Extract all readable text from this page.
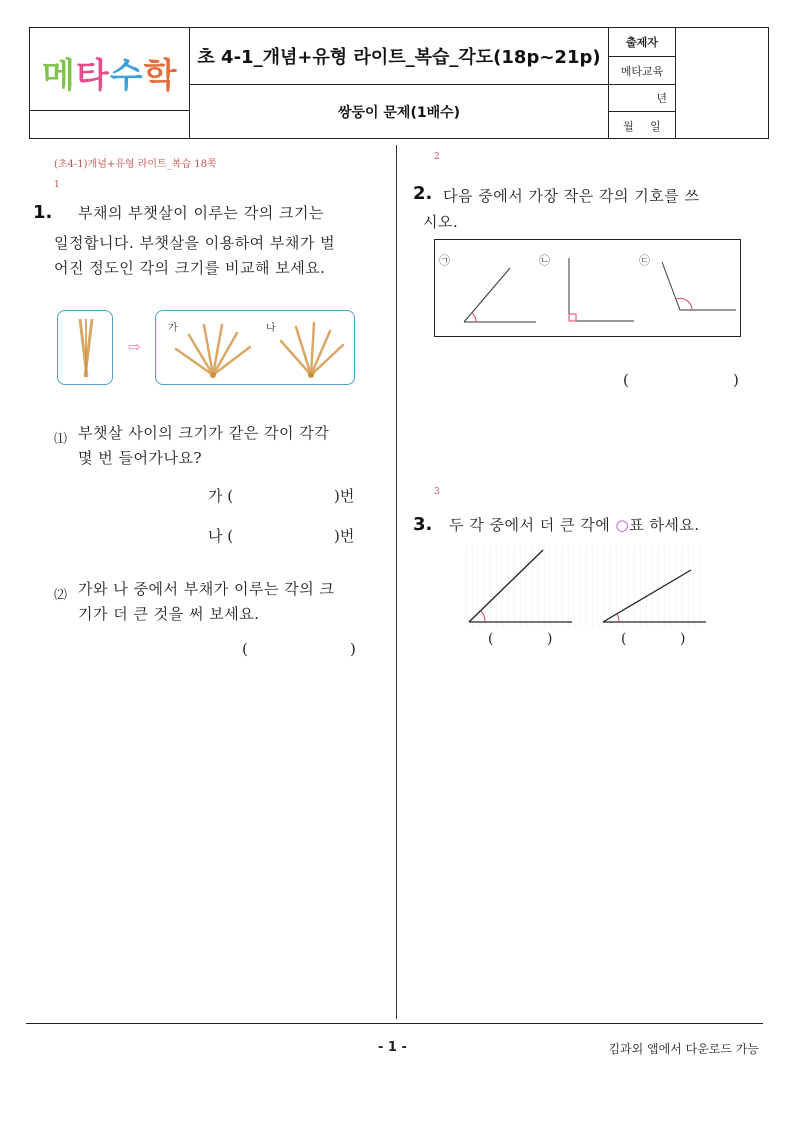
메타수학 초 4-1_개념+유형 라이트_복습_각도(18p~21p)
쌍둥이 문제(1배수)
출제자
메타교육
년
월 일
(초4-1)개념+유형 라이트_복습 18쪽
1
1. 부채의 부챗살이 이루는 각의 크기는
일정합니다. 부챗살을 이용하여 부채가 벌
어진 정도인 각의 크기를 비교해 보세요.
⇨
가	나
⑴ 부챗살 사이의 크기가 같은 각이 각각
몇 번 들어가나요?
가 (	)번
나 (	)번
⑵ 가와 나 중에서 부채가 이루는 각의 크
기가 더 큰 것을 써 보세요.
(	)
2
2. 다음 중에서 가장 작은 각의 기호를 쓰
시오.
㉠	㉡	㉢
(	)
3
3. 두 각 중에서 더 큰 각에 ○표 하세요.
(	)	(	)
- 1 -	김과외 앱에서 다운로드 가능
